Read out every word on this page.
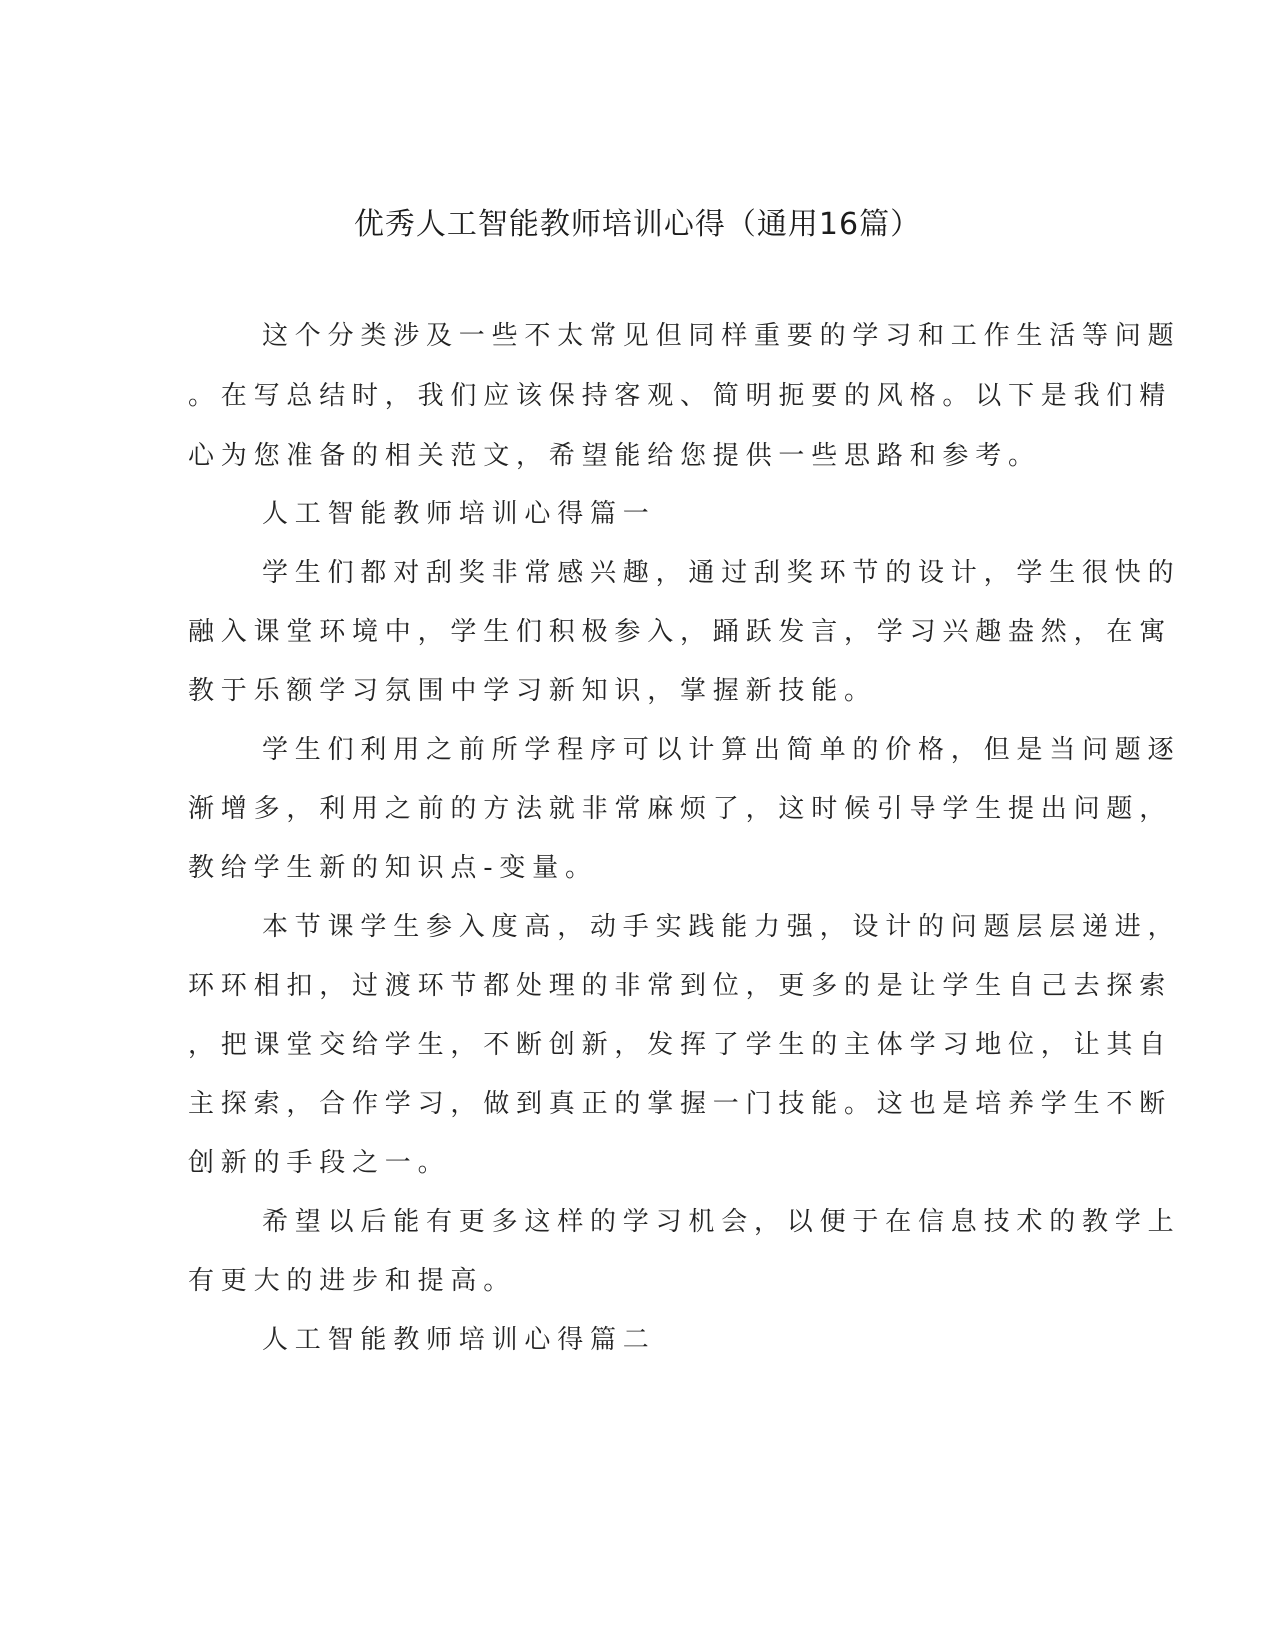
优秀人工智能教师培训心得（通用16篇）
这个分类涉及一些不太常见但同样重要的学习和工作生活等问题
。在写总结时，我们应该保持客观、简明扼要的风格。以下是我们精
心为您准备的相关范文，希望能给您提供一些思路和参考。
人工智能教师培训心得篇一
学生们都对刮奖非常感兴趣，通过刮奖环节的设计，学生很快的
融入课堂环境中，学生们积极参入，踊跃发言，学习兴趣盎然，在寓
教于乐额学习氛围中学习新知识，掌握新技能。
学生们利用之前所学程序可以计算出简单的价格，但是当问题逐
渐增多，利用之前的方法就非常麻烦了，这时候引导学生提出问题，
教给学生新的知识点-变量。
本节课学生参入度高，动手实践能力强，设计的问题层层递进，
环环相扣，过渡环节都处理的非常到位，更多的是让学生自己去探索
，把课堂交给学生，不断创新，发挥了学生的主体学习地位，让其自
主探索，合作学习，做到真正的掌握一门技能。这也是培养学生不断
创新的手段之一。
希望以后能有更多这样的学习机会，以便于在信息技术的教学上
有更大的进步和提高。
人工智能教师培训心得篇二
